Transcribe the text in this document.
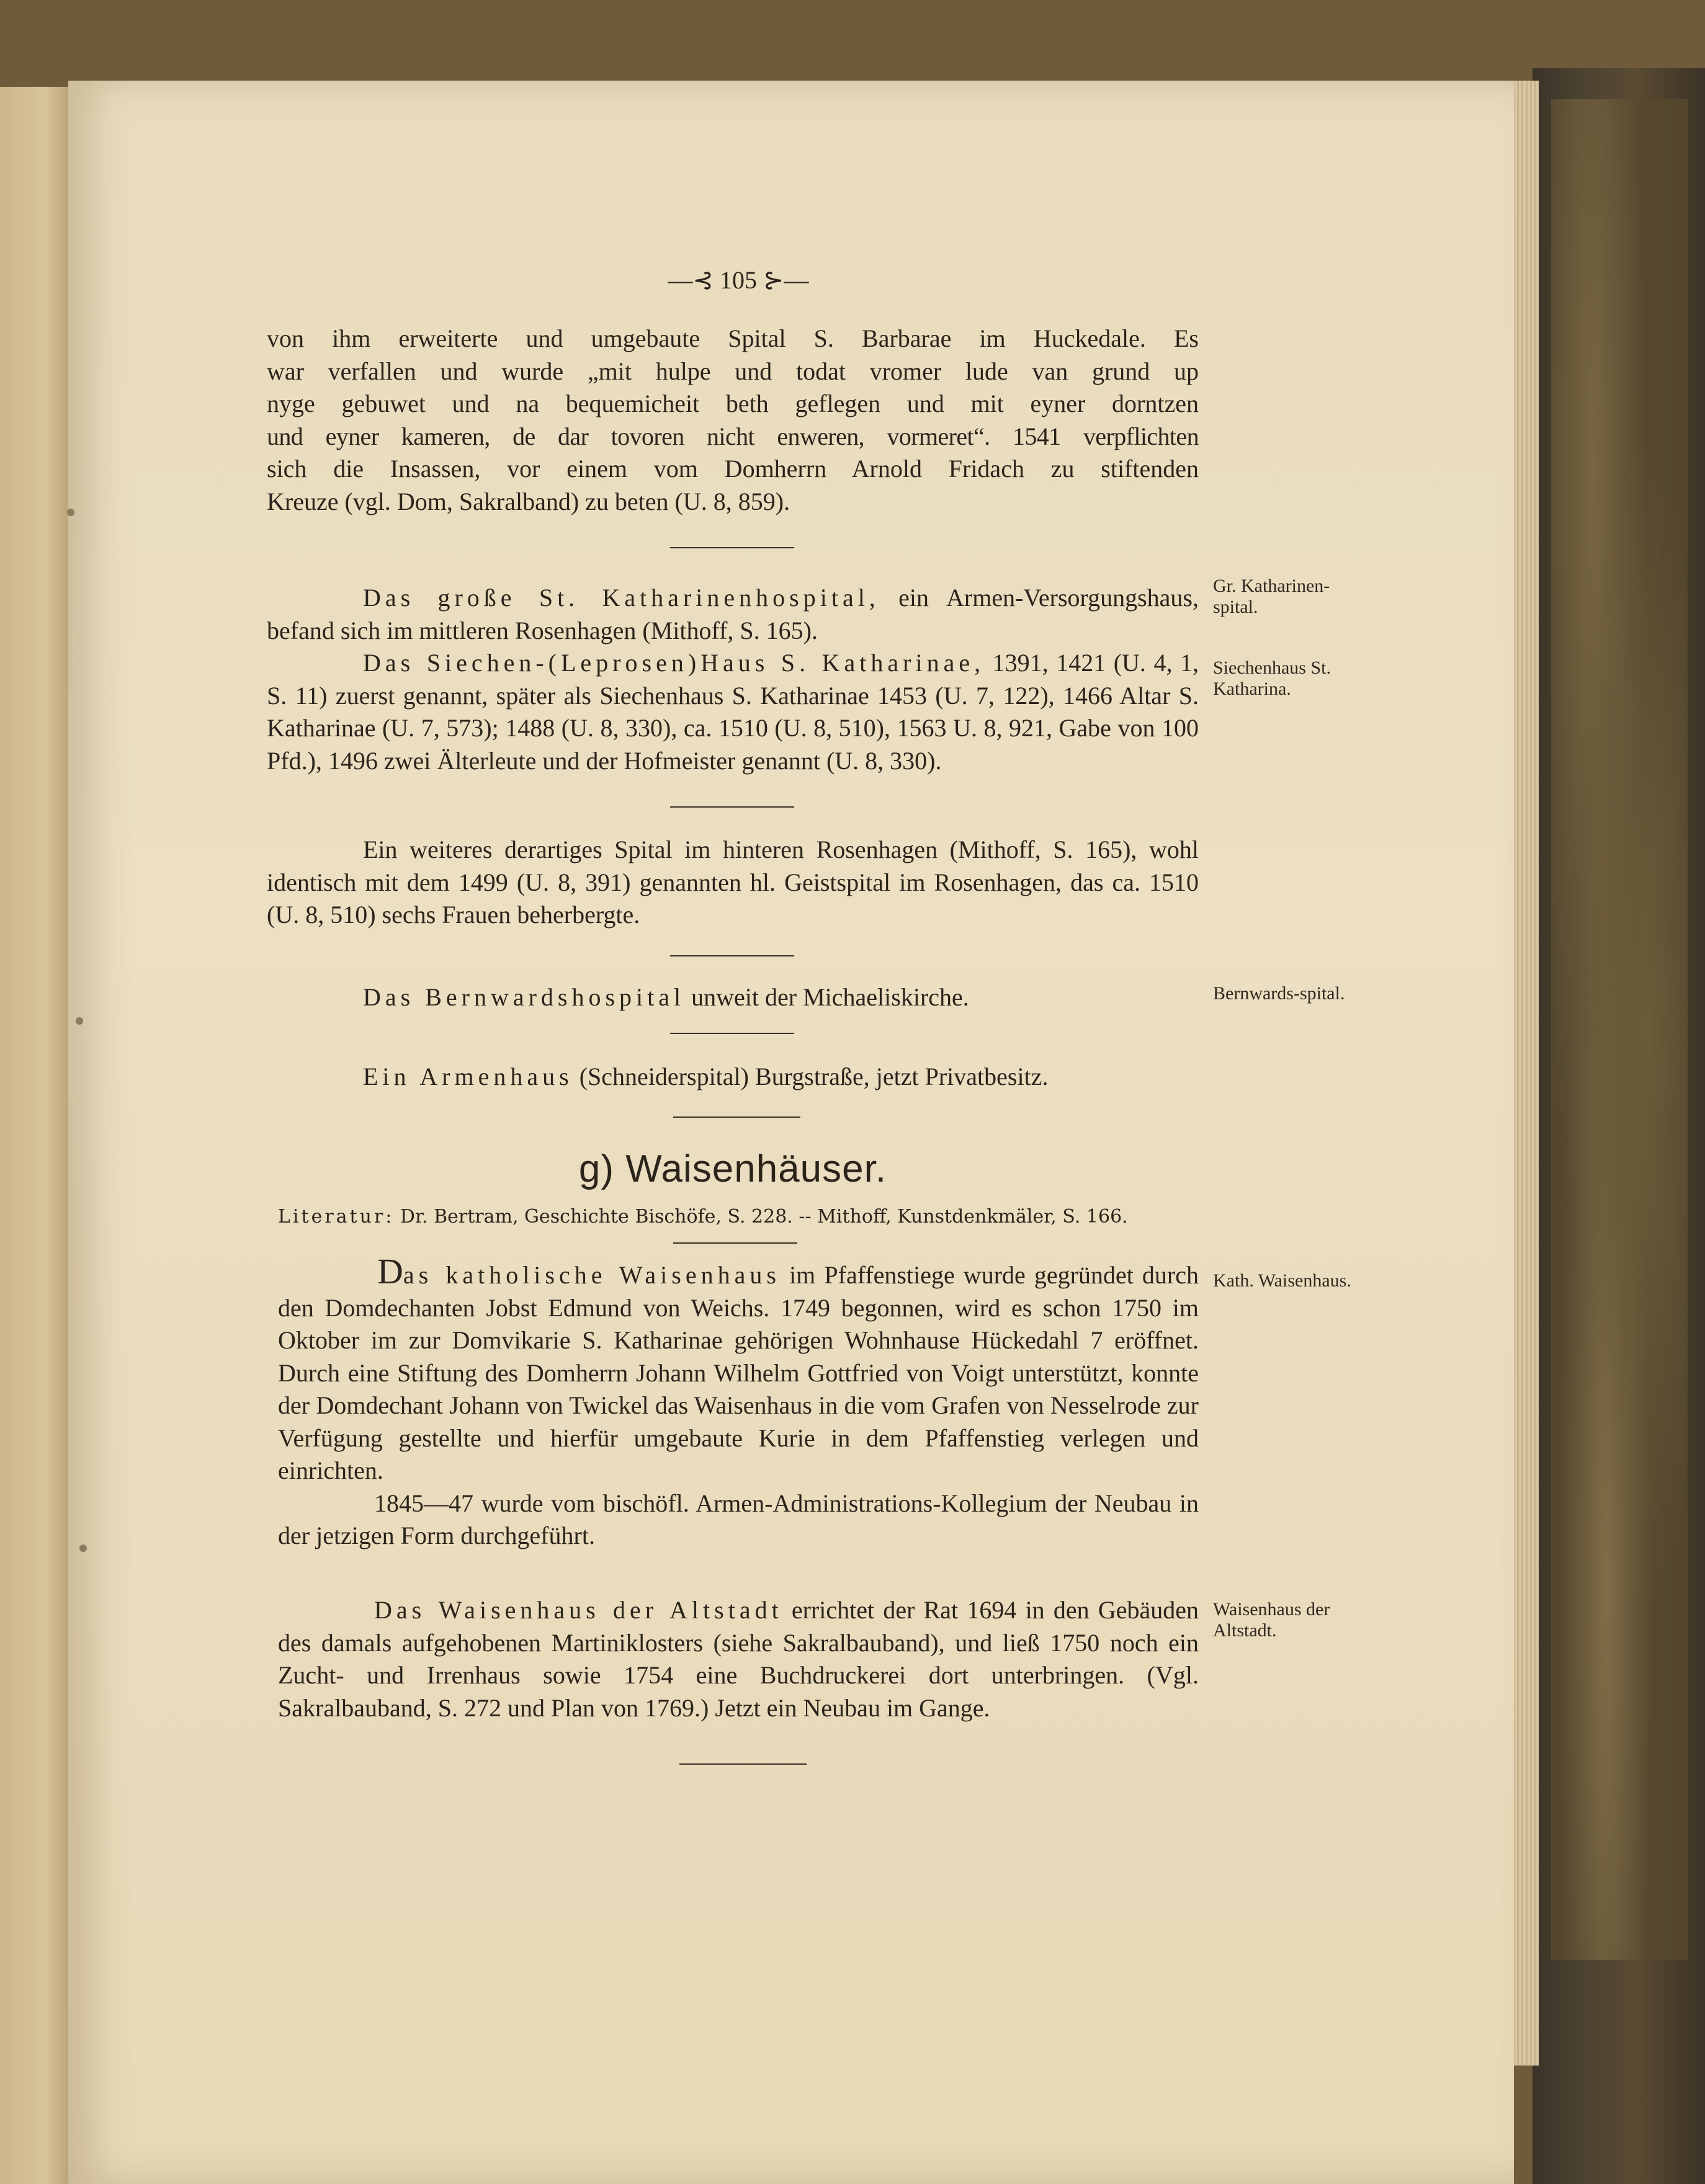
—⊰ 105 ⊱—
von ihm erweiterte und umgebaute Spital S. Barbarae im Huckedale. Es
war verfallen und wurde „mit hulpe und todat vromer lude van grund up
nyge gebuwet und na bequemicheit beth geflegen und mit eyner dorntzen
und eyner kameren, de dar tovoren nicht enweren, vormeret“. 1541 verpflichten
sich die Insassen, vor einem vom Domherrn Arnold Fridach zu stiftenden
Kreuze (vgl. Dom, Sakralband) zu beten (U. 8, 859).

Das große St. Katharinenhospital, ein Armen-Versorgungshaus, befand sich im mittleren Rosenhagen (Mithoff, S. 165).

Das Siechen-(Leprosen)Haus S. Katharinae, 1391, 1421 (U. 4, 1, S. 11) zuerst genannt, später als Siechenhaus S. Katharinae 1453 (U. 7, 122), 1466 Altar S. Katharinae (U. 7, 573); 1488 (U. 8, 330), ca. 1510 (U. 8, 510), 1563 U. 8, 921, Gabe von 100 Pfd.), 1496 zwei Älterleute und der Hofmeister genannt (U. 8, 330).

Ein weiteres derartiges Spital im hinteren Rosenhagen (Mithoff, S. 165), wohl identisch mit dem 1499 (U. 8, 391) genannten hl. Geistspital im Rosenhagen, das ca. 1510 (U. 8, 510) sechs Frauen beherbergte.

Das Bernwardshospital unweit der Michaeliskirche.

Ein Armenhaus (Schneiderspital) Burgstraße, jetzt Privatbesitz.

g) Waisenhäuser.
Literatur: Dr. Bertram, Geschichte Bischöfe, S. 228. -- Mithoff, Kunstdenkmäler, S. 166.

Das katholische Waisenhaus im Pfaffenstiege wurde gegründet durch den Domdechanten Jobst Edmund von Weichs. 1749 begonnen, wird es schon 1750 im Oktober im zur Domvikarie S. Katharinae gehörigen Wohnhause Hückedahl 7 eröffnet. Durch eine Stiftung des Domherrn Johann Wilhelm Gottfried von Voigt unterstützt, konnte der Domdechant Johann von Twickel das Waisenhaus in die vom Grafen von Nesselrode zur Verfügung gestellte und hierfür umgebaute Kurie in dem Pfaffenstieg verlegen und einrichten.

1845—47 wurde vom bischöfl. Armen-Administrations-Kollegium der Neubau in der jetzigen Form durchgeführt.

Das Waisenhaus der Altstadt errichtet der Rat 1694 in den Gebäuden des damals aufgehobenen Martiniklosters (siehe Sakralbauband), und ließ 1750 noch ein Zucht- und Irrenhaus sowie 1754 eine Buchdruckerei dort unterbringen. (Vgl. Sakralbauband, S. 272 und Plan von 1769.) Jetzt ein Neubau im Gange.

Gr. Katharinen-spital.
Siechenhaus St. Katharina.
Bernwards-spital.
Kath. Waisenhaus.
Waisenhaus der Altstadt.
